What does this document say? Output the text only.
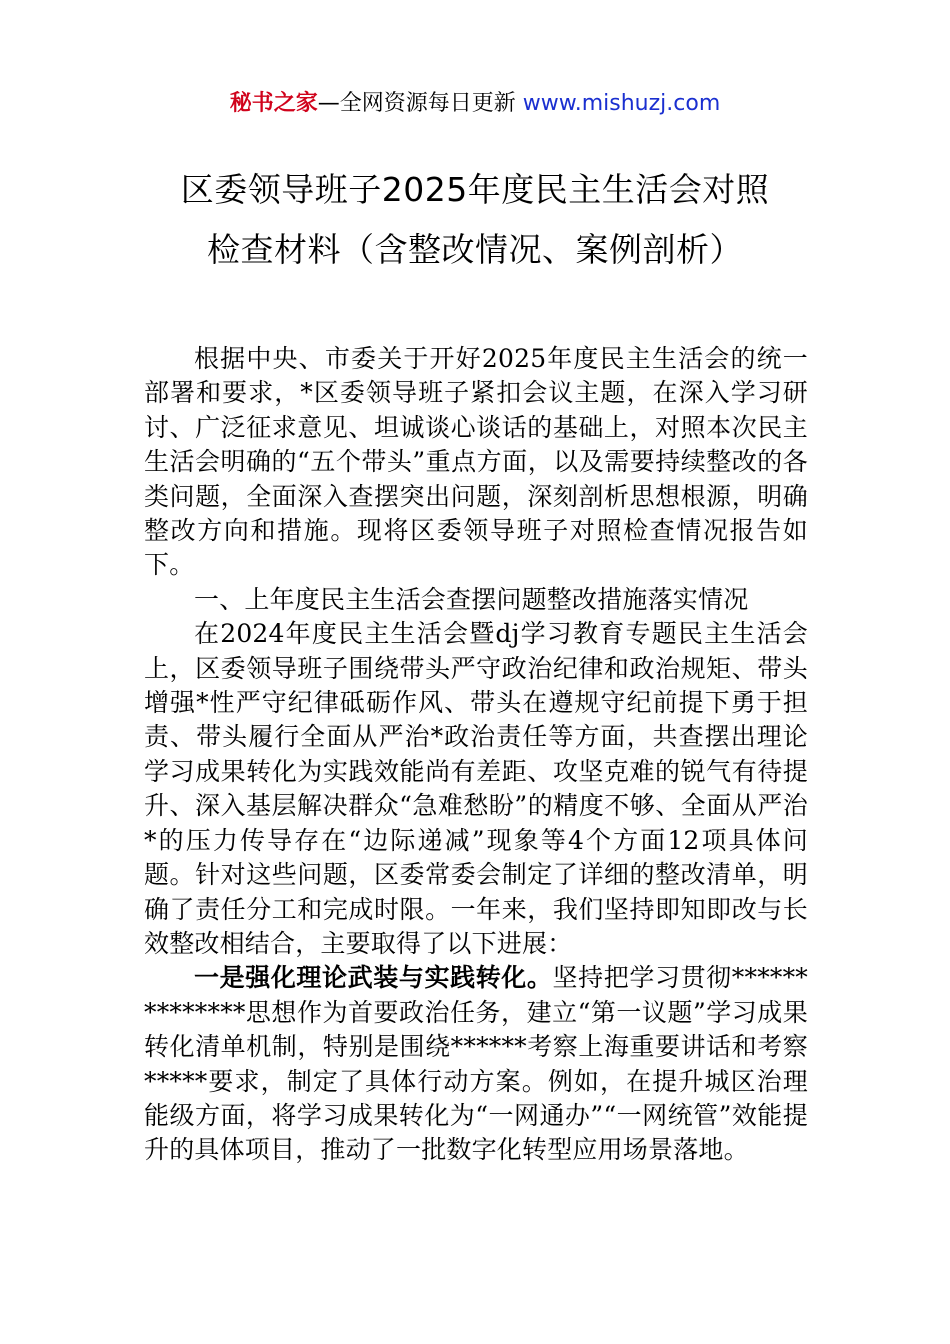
秘书之家—全网资源每日更新 www.mishuzj.com
区委领导班子2025年度民主生活会对照
检查材料（含整改情况、案例剖析）

根据中央、市委关于开好2025年度民主生活会的统一部署和要求，*区委领导班子紧扣会议主题，在深入学习研讨、广泛征求意见、坦诚谈心谈话的基础上，对照本次民主生活会明确的“五个带头”重点方面，以及需要持续整改的各类问题，全面深入查摆突出问题，深刻剖析思想根源，明确整改方向和措施。现将区委领导班子对照检查情况报告如下。

一、上年度民主生活会查摆问题整改措施落实情况

在2024年度民主生活会暨dj学习教育专题民主生活会上，区委领导班子围绕带头严守政治纪律和政治规矩、带头增强*性严守纪律砥砺作风、带头在遵规守纪前提下勇于担责、带头履行全面从严治*政治责任等方面，共查摆出理论学习成果转化为实践效能尚有差距、攻坚克难的锐气有待提升、深入基层解决群众“急难愁盼”的精度不够、全面从严治*的压力传导存在“边际递减”现象等4个方面12项具体问题。针对这些问题，区委常委会制定了详细的整改清单，明确了责任分工和完成时限。一年来，我们坚持即知即改与长效整改相结合，主要取得了以下进展：

一是强化理论武装与实践转化。坚持把学习贯彻**************思想作为首要政治任务，建立“第一议题”学习成果转化清单机制，特别是围绕******考察上海重要讲话和考察*****要求，制定了具体行动方案。例如，在提升城区治理能级方面，将学习成果转化为“一网通办”“一网统管”效能提升的具体项目，推动了一批数字化转型应用场景落地。
